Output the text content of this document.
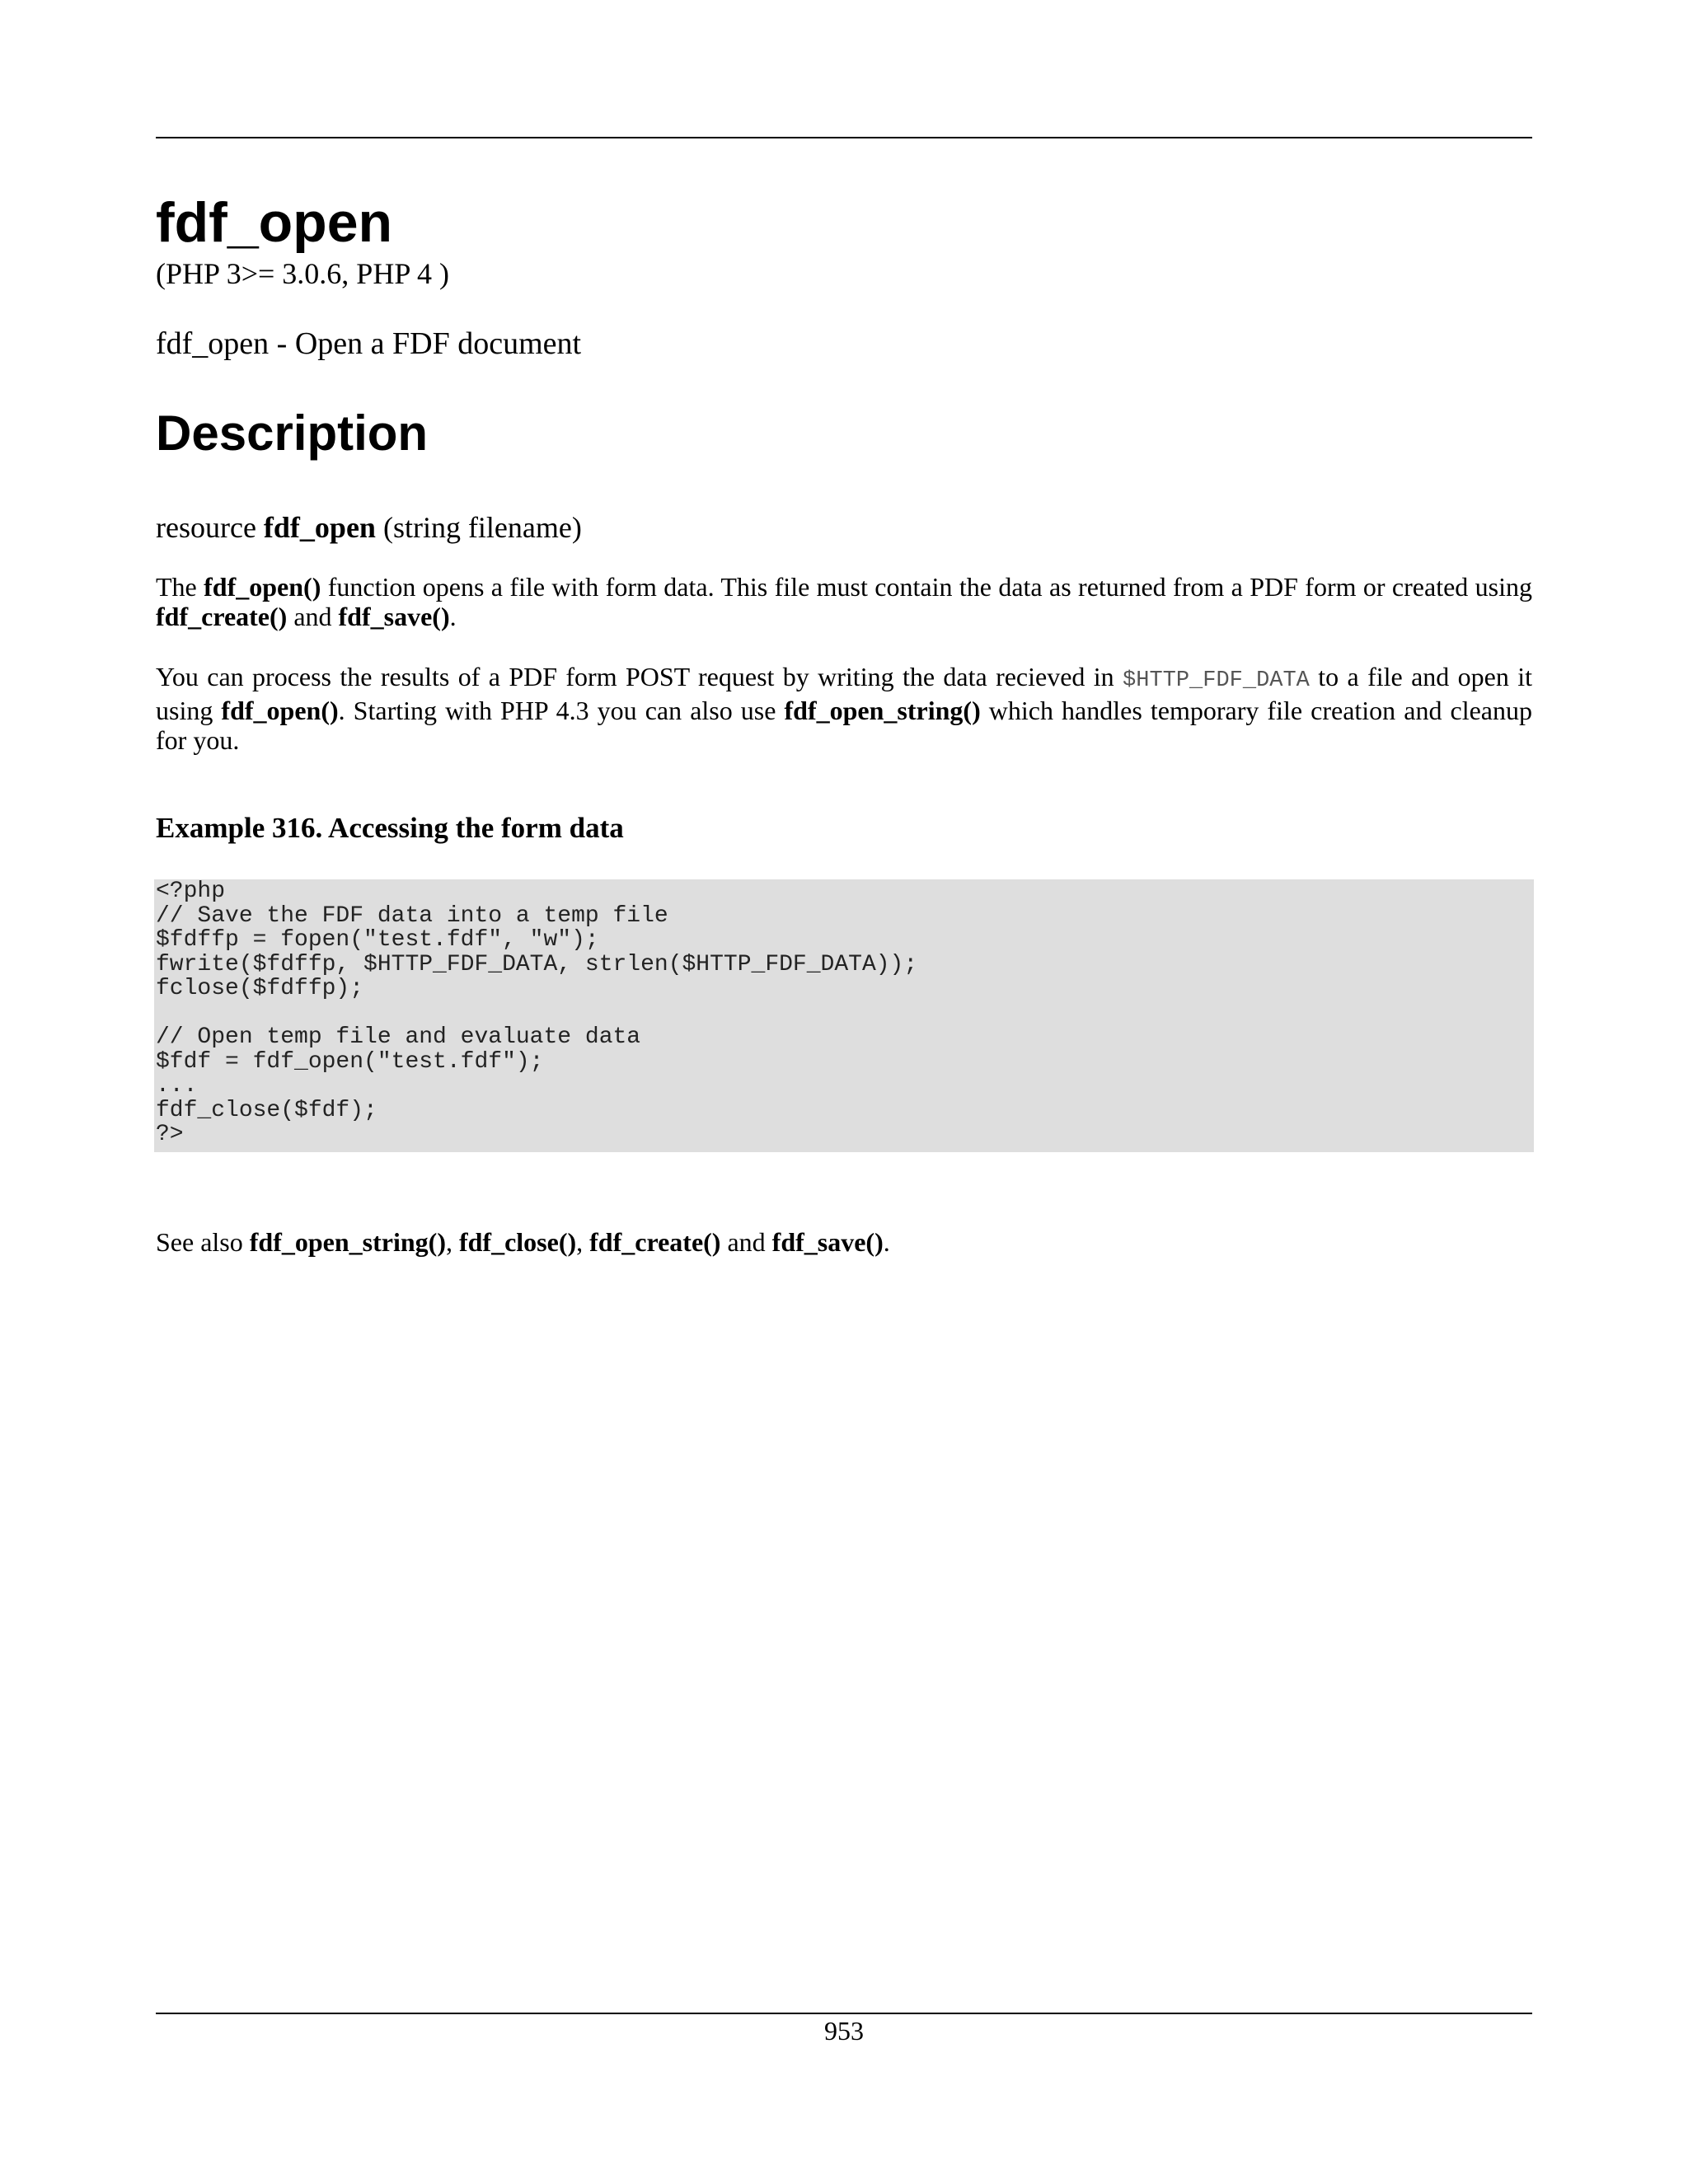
fdf_open
(PHP 3>= 3.0.6, PHP 4 )
fdf_open - Open a FDF document
Description
resource fdf_open (string filename)

The fdf_open() function opens a file with form data. This file must contain the data as returned from a PDF form or created using fdf_create() and fdf_save().

You can process the results of a PDF form POST request by writing the data recieved in $HTTP_FDF_DATA to a file and open it using fdf_open(). Starting with PHP 4.3 you can also use fdf_open_string() which handles temporary file creation and cleanup for you.

Example 316. Accessing the form data
<?php
// Save the FDF data into a temp file
$fdffp = fopen("test.fdf", "w");
fwrite($fdffp, $HTTP_FDF_DATA, strlen($HTTP_FDF_DATA));
fclose($fdffp);
// Open temp file and evaluate data
$fdf = fdf_open("test.fdf");
...
fdf_close($fdf);
?>
See also fdf_open_string(), fdf_close(), fdf_create() and fdf_save().
953
